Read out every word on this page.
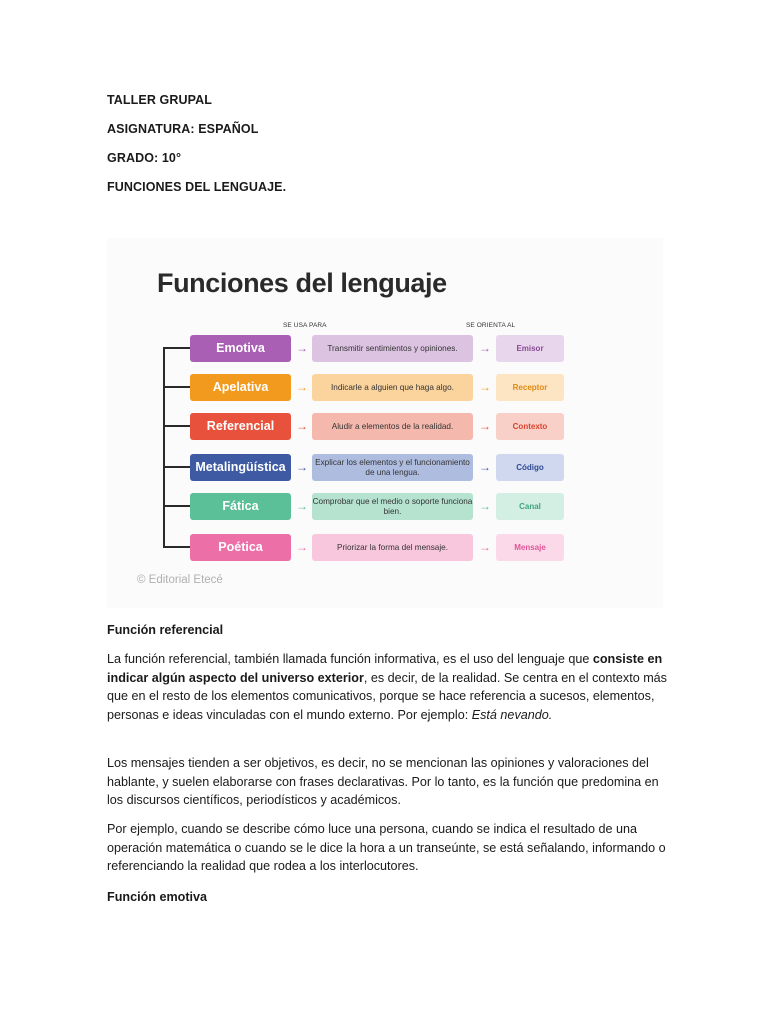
TALLER GRUPAL
ASIGNATURA: ESPAÑOL
GRADO: 10°
FUNCIONES DEL LENGUAJE.
Funciones del lenguaje
SE USA PARA	SE ORIENTA AL
© Editorial Etecé
Emotiva	→	Transmitir sentimientos y opiniones.	→	Emisor
Apelativa	→	Indicarle a alguien que haga algo.	→	Receptor
Referencial	→	Aludir a elementos de la realidad.	→	Contexto
Metalingüística → Explicar los elementos y el funcionamiento de una lengua.	→	Código
Fática	→ Comprobar que el medio o soporte funciona bien.	→	Canal
Poética	→	Priorizar la forma del mensaje.	→	Mensaje
Función referencial

La función referencial, también llamada función informativa, es el uso del lenguaje que consiste en indicar algún aspecto del universo exterior, es decir, de la realidad. Se centra en el contexto más que en el resto de los elementos comunicativos, porque se hace referencia a sucesos, elementos, personas e ideas vinculadas con el mundo externo. Por ejemplo: Está nevando.

Los mensajes tienden a ser objetivos, es decir, no se mencionan las opiniones y valoraciones del hablante, y suelen elaborarse con frases declarativas. Por lo tanto, es la función que predomina en los discursos científicos, periodísticos y académicos.

Por ejemplo, cuando se describe cómo luce una persona, cuando se indica el resultado de una operación matemática o cuando se le dice la hora a un transeúnte, se está señalando, informando o referenciando la realidad que rodea a los interlocutores.

Función emotiva
